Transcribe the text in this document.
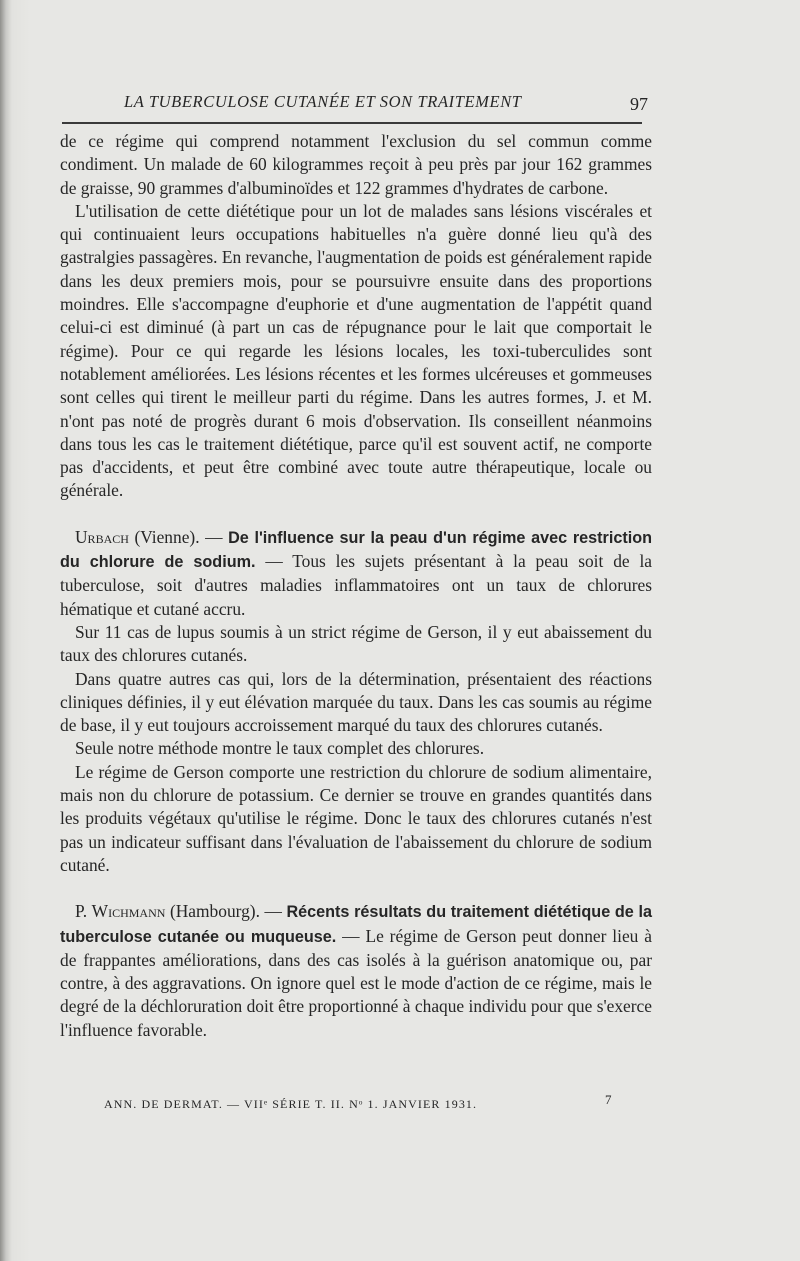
LA TUBERCULOSE CUTANÉE ET SON TRAITEMENT	97

de ce régime qui comprend notamment l'exclusion du sel commun comme condiment. Un malade de 60 kilogrammes reçoit à peu près par jour 162 grammes de graisse, 90 grammes d'albuminoïdes et 122 grammes d'hydrates de carbone.

L'utilisation de cette diététique pour un lot de malades sans lésions viscérales et qui continuaient leurs occupations habituelles n'a guère donné lieu qu'à des gastralgies passagères. En revanche, l'augmentation de poids est généralement rapide dans les deux premiers mois, pour se poursuivre ensuite dans des proportions moindres. Elle s'accompagne d'euphorie et d'une augmentation de l'appétit quand celui-ci est diminué (à part un cas de répugnance pour le lait que comportait le régime). Pour ce qui regarde les lésions locales, les toxi-tuberculides sont notablement améliorées. Les lésions récentes et les formes ulcéreuses et gommeuses sont celles qui tirent le meilleur parti du régime. Dans les autres formes, J. et M. n'ont pas noté de progrès durant 6 mois d'observation. Ils conseillent néanmoins dans tous les cas le traitement diététique, parce qu'il est souvent actif, ne comporte pas d'accidents, et peut être combiné avec toute autre thérapeutique, locale ou générale.

Urbach (Vienne). — De l'influence sur la peau d'un régime avec restriction du chlorure de sodium. — Tous les sujets présentant à la peau soit de la tuberculose, soit d'autres maladies inflammatoires ont un taux de chlorures hématique et cutané accru.

Sur 11 cas de lupus soumis à un strict régime de Gerson, il y eut abaissement du taux des chlorures cutanés.

Dans quatre autres cas qui, lors de la détermination, présentaient des réactions cliniques définies, il y eut élévation marquée du taux. Dans les cas soumis au régime de base, il y eut toujours accroissement marqué du taux des chlorures cutanés.

Seule notre méthode montre le taux complet des chlorures.

Le régime de Gerson comporte une restriction du chlorure de sodium alimentaire, mais non du chlorure de potassium. Ce dernier se trouve en grandes quantités dans les produits végétaux qu'utilise le régime. Donc le taux des chlorures cutanés n'est pas un indicateur suffisant dans l'évaluation de l'abaissement du chlorure de sodium cutané.

P. Wichmann (Hambourg). — Récents résultats du traitement diététique de la tuberculose cutanée ou muqueuse. — Le régime de Gerson peut donner lieu à de frappantes améliorations, dans des cas isolés à la guérison anatomique ou, par contre, à des aggravations. On ignore quel est le mode d'action de ce régime, mais le degré de la déchloruration doit être proportionné à chaque individu pour que s'exerce l'influence favorable.

ANN. DE DERMAT. — VIIᵉ SÉRIE T. II. Nᵒ 1. JANVIER 1931.	7
